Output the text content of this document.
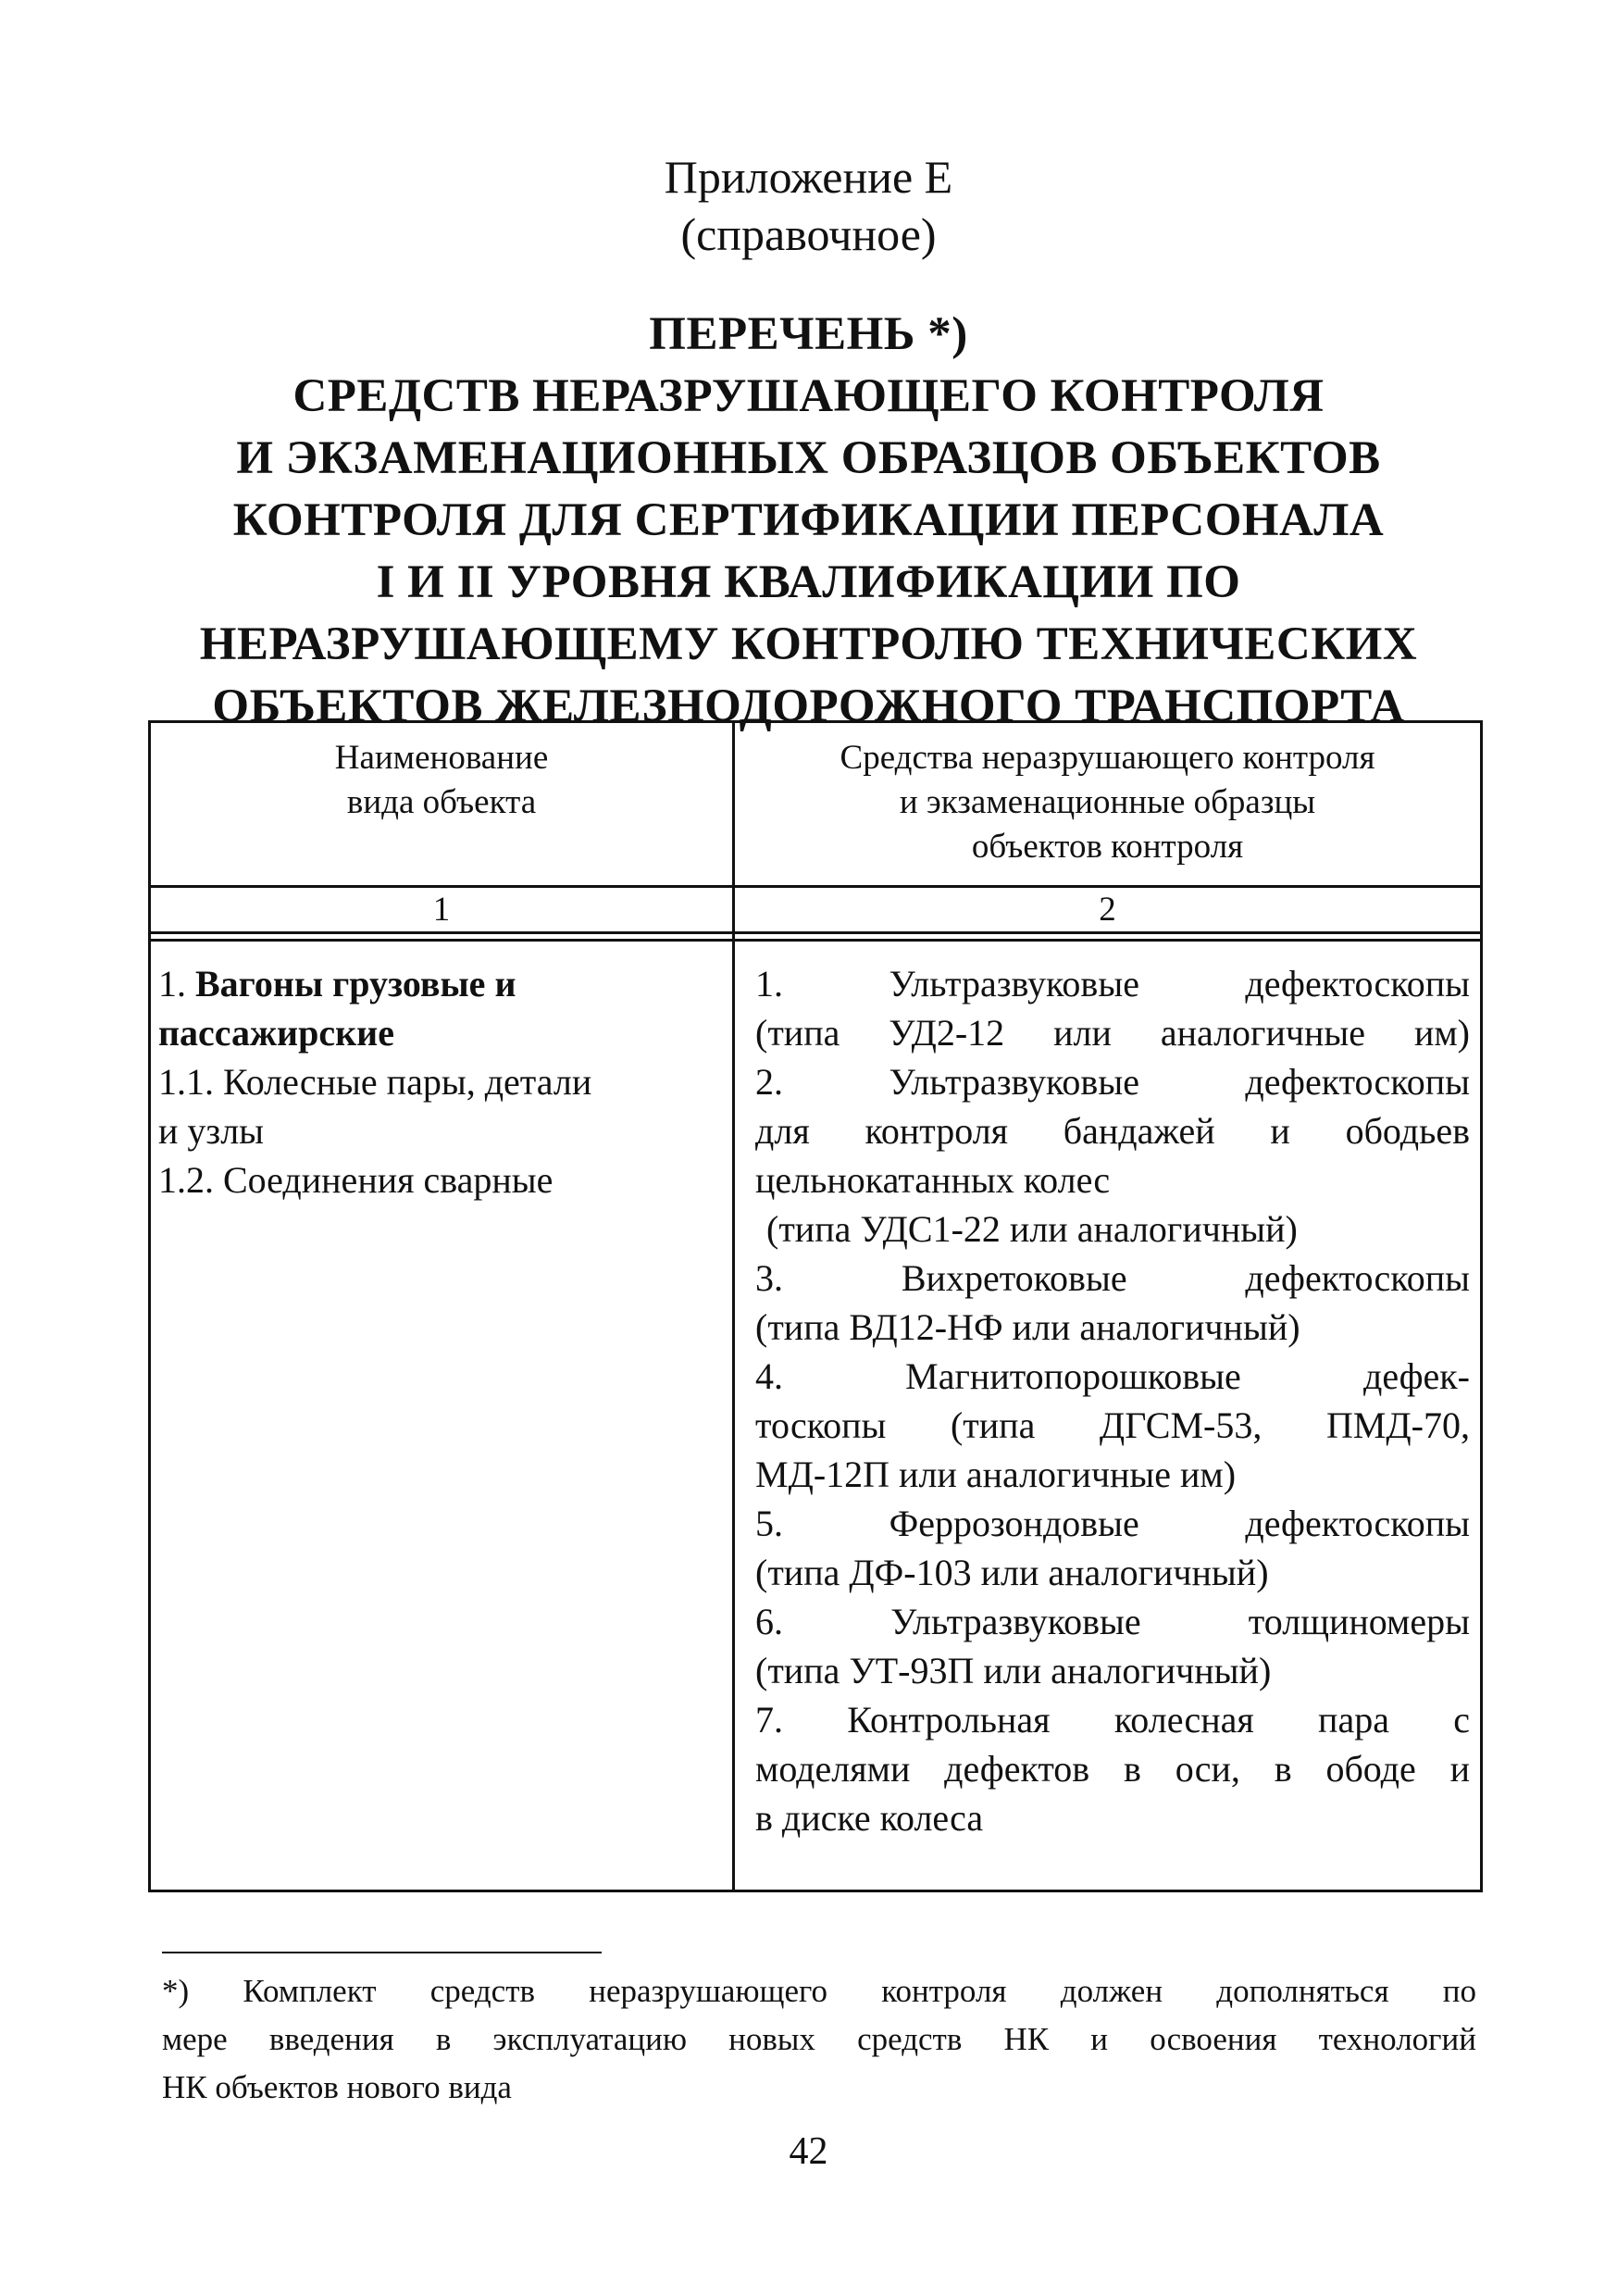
Приложение Е
(справочное)
ПЕРЕЧЕНЬ *)
СРЕДСТВ НЕРАЗРУШАЮЩЕГО КОНТРОЛЯ
И ЭКЗАМЕНАЦИОННЫХ ОБРАЗЦОВ ОБЪЕКТОВ
КОНТРОЛЯ ДЛЯ СЕРТИФИКАЦИИ ПЕРСОНАЛА
I И II УРОВНЯ КВАЛИФИКАЦИИ ПО
НЕРАЗРУШАЮЩЕМУ КОНТРОЛЮ ТЕХНИЧЕСКИХ
ОБЪЕКТОВ ЖЕЛЕЗНОДОРОЖНОГО ТРАНСПОРТА
Наименование
вида объекта
Средства неразрушающего контроля
и экзаменационные образцы
объектов контроля
1	2
1. Вагоны грузовые и
пассажирские
1.1. Колесные пары, детали
и узлы
1.2. Соединения сварные
1. Ультразвуковые дефектоскопы
(типа УД2-12 или аналогичные им)
2. Ультразвуковые дефектоскопы
для контроля бандажей и ободьев
цельнокатанных колес
(типа УДС1-22 или аналогичный)
3. Вихретоковые дефектоскопы
(типа ВД12-НФ или аналогичный)
4. Магнитопорошковые дефек-
тоскопы (типа ДГСМ-53, ПМД-70,
МД-12П или аналогичные им)
5. Феррозондовые дефектоскопы
(типа ДФ-103 или аналогичный)
6. Ультразвуковые толщиномеры
(типа УТ-93П или аналогичный)
7. Контрольная колесная пара с
моделями дефектов в оси, в ободе и
в диске колеса
*) Комплект средств неразрушающего контроля должен дополняться по
мере введения в эксплуатацию новых средств НК и освоения технологий
НК объектов нового вида
42
